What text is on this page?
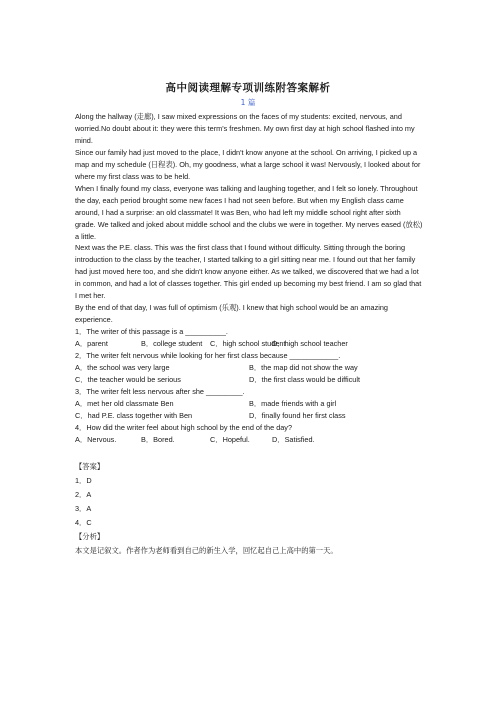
高中阅读理解专项训练附答案解析
1 篇

Along the hallway (走廊), I saw mixed expressions on the faces of my students: excited, nervous, and worried.No doubt about it: they were this term's freshmen. My own first day at high school flashed into my mind.

Since our family had just moved to the place, I didn't know anyone at the school. On arriving, I picked up a map and my schedule (日程表). Oh, my goodness, what a large school it was! Nervously, I looked about for where my first class was to be held.

When I finally found my class, everyone was talking and laughing together, and I felt so lonely. Throughout the day, each period brought some new faces I had not seen before. But when my English class came around, I had a surprise: an old classmate! It was Ben, who had left my middle school right after sixth grade. We talked and joked about middle school and the clubs we were in together. My nerves eased (放松) a little.

Next was the P.E. class. This was the first class that I found without difficulty. Sitting through the boring introduction to the class by the teacher, I started talking to a girl sitting near me. I found out that her family had just moved here too, and she didn't know anyone either. As we talked, we discovered that we had a lot in common, and had a lot of classes together. This girl ended up becoming my best friend. I am so glad that I met her.

By the end of that day, I was full of optimism (乐观). I knew that high school would be an amazing experience.

1．The writer of this passage is a __________.

A．parent	B．college student	C．high school student
D．high school teacher

2．The writer felt nervous while looking for her first class because ____________.

A．the school was very large	B．the map did not show the way
C．the teacher would be serious	D．the first class would be difficult

3．The writer felt less nervous after she _________.

A．met her old classmate Ben	B．made friends with a girl
C．had P.E. class together with Ben	D．finally found her first class

4．How did the writer feel about high school by the end of the day?

A．Nervous.	B．Bored.	C．Hopeful.	D．Satisfied.

【答案】

1．D

2．A

3．A

4．C

【分析】

本文是记叙文。作者作为老师看到自己的新生入学，回忆起自己上高中的第一天。
